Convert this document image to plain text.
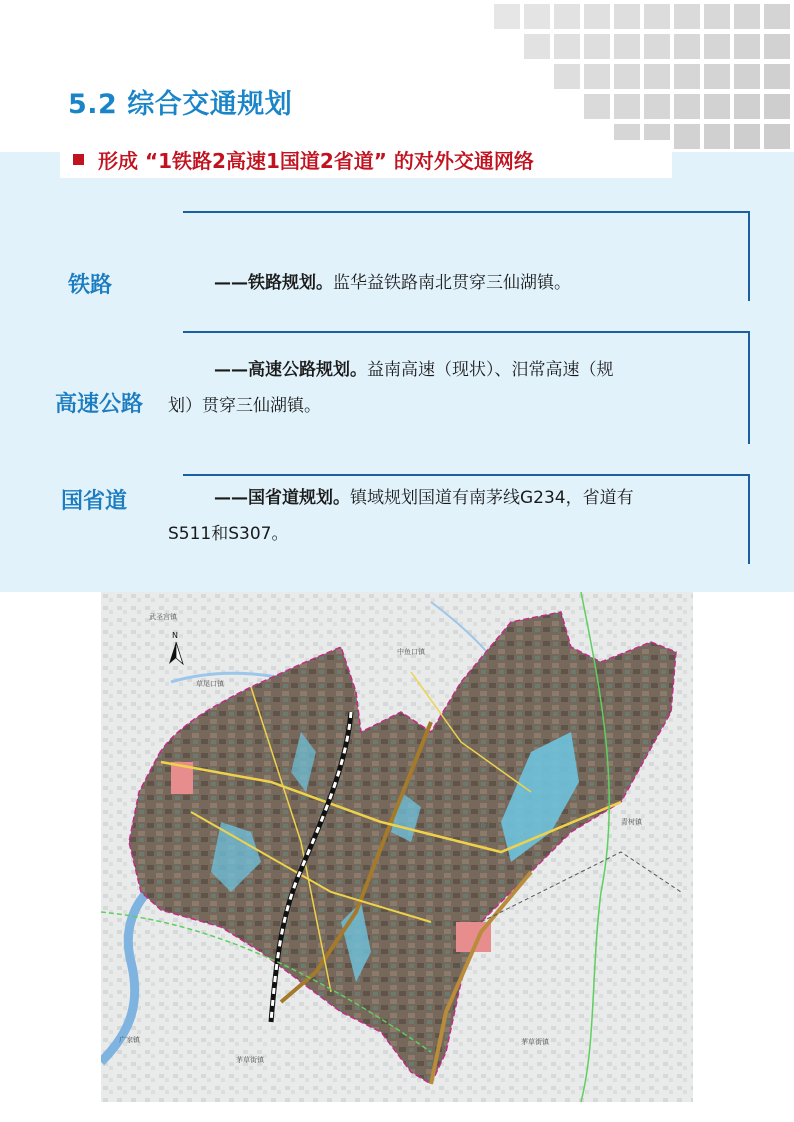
5.2 综合交通规划
形成 “1铁路2高速1国道2省道” 的对外交通网络
铁路	——铁路规划。监华益铁路南北贯穿三仙湖镇。
高速公路
——高速公路规划。益南高速（现状）、汨常高速（规
划）贯穿三仙湖镇。
国省道	——国省道规划。镇域规划国道有南茅线G234，省道有
S511和S307。
N
武圣宫镇
中鱼口镇
草尾口镇
三仙湖	青树镇
广家镇
茅草街镇
茅草街镇
